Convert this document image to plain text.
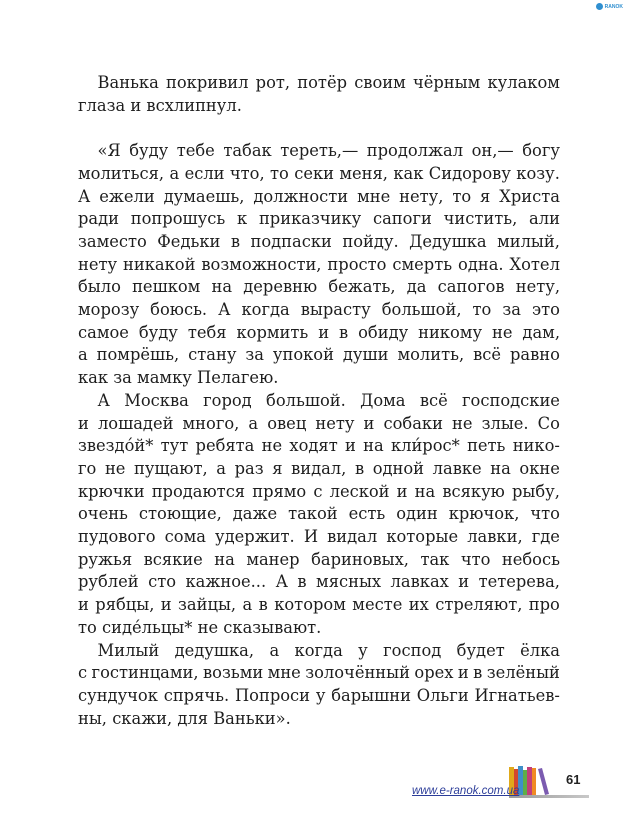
RANOK
Ванька покривил рот, потёр своим чёрным кулаком
глаза
и
всхлипнул.
«Я буду тебе табак тереть,— продолжал он,— богу
молиться, а если что, то секи меня, как Сидорову козу.
А ежели думаешь, должности мне нету, то я Христа
ради попрошусь к приказчику сапоги чистить, али
заместо Федьки в подпаски пойду. Дедушка милый,
нету никакой возможности, просто смерть одна. Хотел
было пешком на деревню бежать, да сапогов нету,
морозу боюсь. А когда вырасту большой, то за это
самое буду тебя кормить и в обиду никому не дам,
а помрёшь, стану за упокой души молить, всё равно
как
за
мамку
Пелагею.
А Москва город большой. Дома всё господские
и лошадей много, а овец нету и собаки не злые. Со
звездо́й* тут ребята не ходят и на кли́рос* петь нико-
го не пущают, а раз я видал, в одной лавке на окне
крючки продаются прямо с леской и на всякую рыбу,
очень стоющие, даже такой есть один крючок, что
пудового сома удержит. И видал которые лавки, где
ружья всякие на манер бариновых, так что небось
рублей сто кажное... А в мясных лавках и тетерева,
и рябцы, и зайцы, а в котором месте их стреляют, про
то
сиде́льцы*
не
сказывают.
Милый дедушка, а когда у господ будет ёлка
с гостинцами, возьми мне золочённый орех и в зелёный
сундучок спрячь. Попроси у барышни Ольги Игнатьев-
ны,
скажи,
для
Ваньки».
61
www.e-ranok.com.ua
